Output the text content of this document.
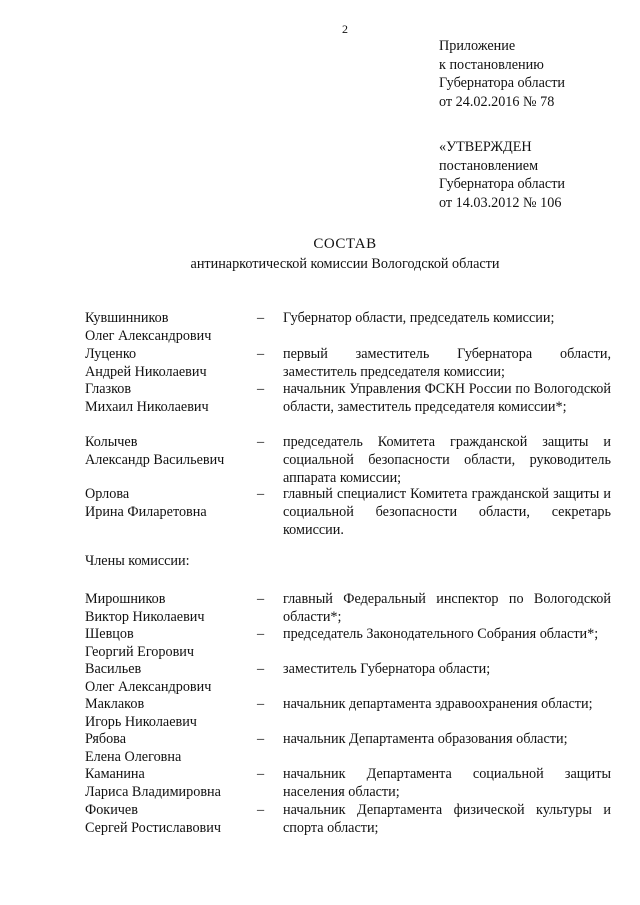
2
Приложение
к постановлению
Губернатора области
от 24.02.2016 № 78
«УТВЕРЖДЕН
постановлением
Губернатора области
от 14.03.2012 № 106
СОСТАВ
антинаркотической комиссии Вологодской области
Кувшинников
Олег Александрович
– Губернатор области, председатель комиссии;
Луценко
Андрей Николаевич
– первый заместитель Губернатора области, заместитель председателя комиссии;
Глазков
Михаил Николаевич
– начальник Управления ФСКН России по Вологодской области, заместитель председателя комиссии*;
Колычев
Александр Васильевич
– председатель Комитета гражданской защиты и социальной безопасности области, руководитель аппарата комиссии;
Орлова
Ирина Филаретовна
– главный специалист Комитета гражданской защиты и социальной безопасности области, секретарь комиссии.
Члены комиссии:
Мирошников
Виктор Николаевич
– главный Федеральный инспектор по Вологодской области*;
Шевцов
Георгий Егорович
– председатель Законодательного Собрания области*;
Васильев
Олег Александрович
– заместитель Губернатора области;
Маклаков
Игорь Николаевич
– начальник департамента здравоохранения области;
Рябова
Елена Олеговна
– начальник Департамента образования области;
Каманина
Лариса Владимировна
– начальник Департамента социальной защиты населения области;
Фокичев
Сергей Ростиславович
– начальник Департамента физической культуры и спорта области;
